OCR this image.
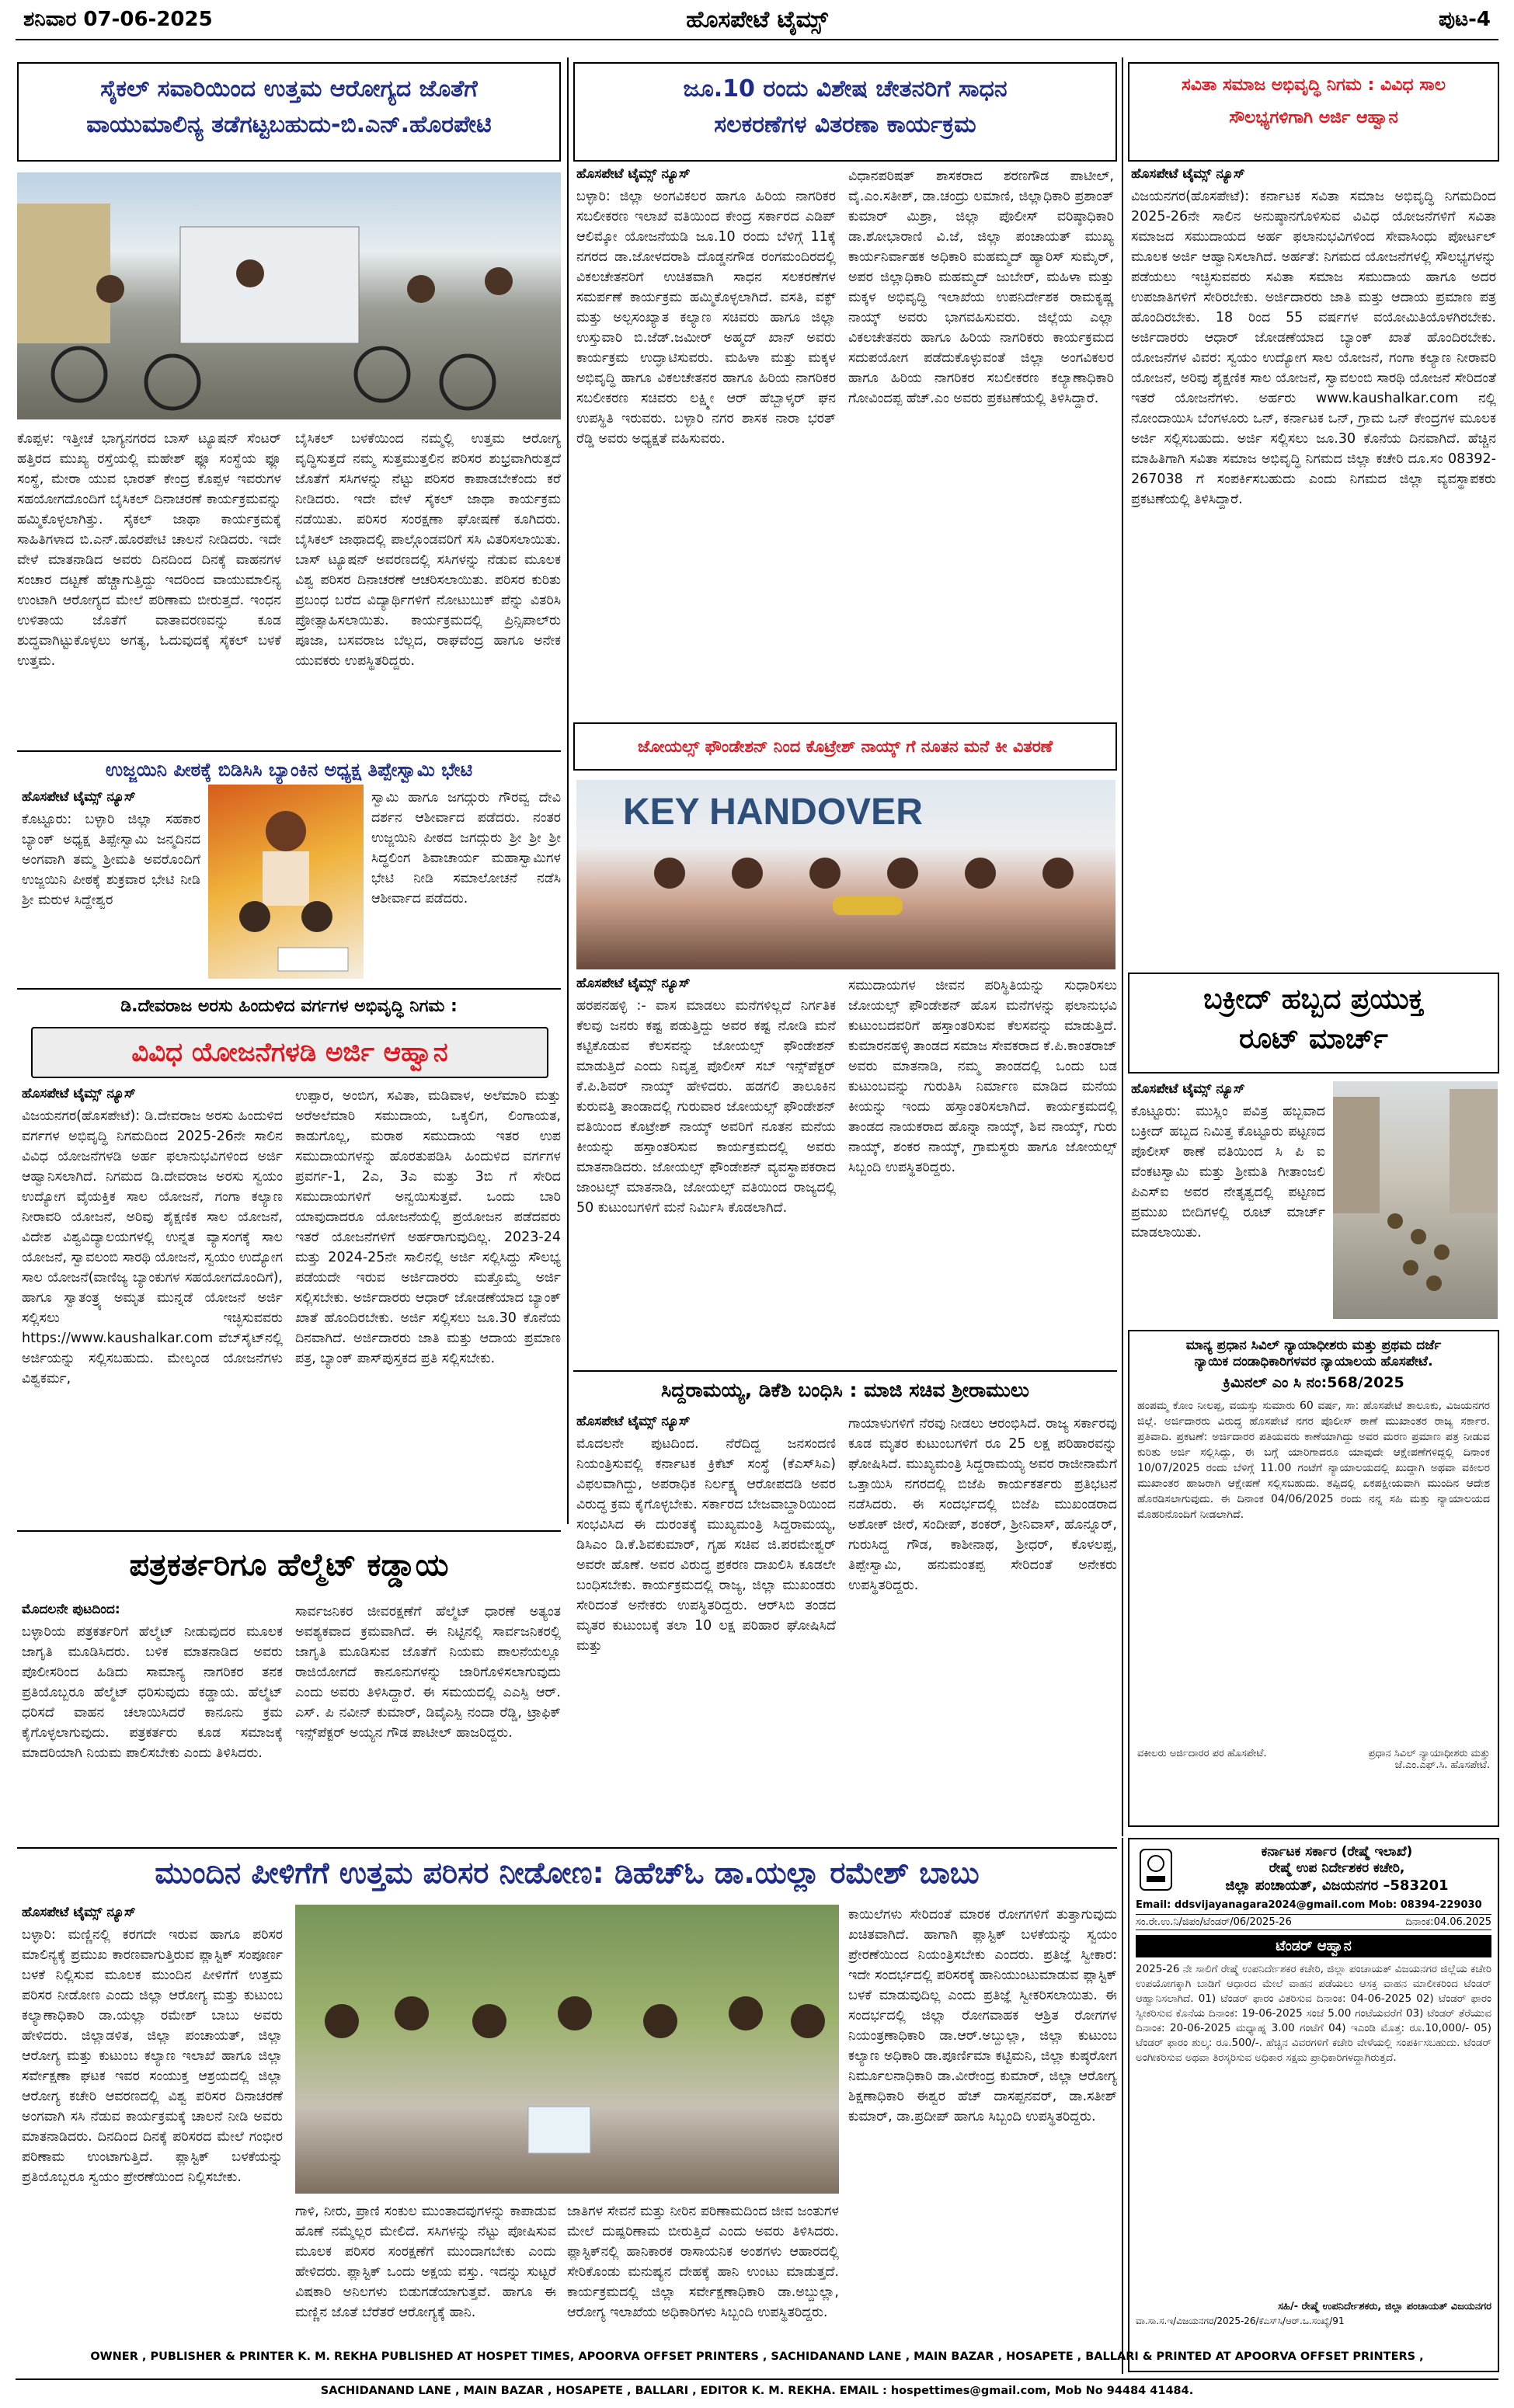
ಶನಿವಾರ 07-06-2025	ಹೊಸಪೇಟೆ ಟೈಮ್ಸ್	ಪುಟ-4
ಸೈಕಲ್ ಸವಾರಿಯಿಂದ ಉತ್ತಮ ಆರೋಗ್ಯದ ಜೊತೆಗೆ
ವಾಯುಮಾಲಿನ್ಯ ತಡೆಗಟ್ಟಬಹುದು-ಬಿ.ಎನ್.ಹೊರಪೇಟಿ
ಕೊಪ್ಪಳ: ಇತ್ತೀಚೆ ಭಾಗ್ಯನಗರದ ಬಾಸ್ ಟ್ಯೂಷನ್ ಸೆಂಟರ್ ಹತ್ತಿರದ ಮುಖ್ಯ ರಸ್ತೆಯಲ್ಲಿ ಮಹೇಶ್ ಫ್ಲೂ ಸಂಸ್ಥೆಯ ಫ್ಲೂ ಸಂಸ್ಥೆ, ಮೇರಾ ಯುವ ಭಾರತ್ ಕೇಂದ್ರ ಕೊಪ್ಪಳ ಇವರುಗಳ ಸಹಯೋಗದೊಂದಿಗೆ ಬೈಸಿಕಲ್ ದಿನಾಚರಣೆ ಕಾರ್ಯಕ್ರಮವನ್ನು ಹಮ್ಮಿಕೊಳ್ಳಲಾಗಿತ್ತು. ಸೈಕಲ್ ಜಾಥಾ ಕಾರ್ಯಕ್ರಮಕ್ಕೆ ಸಾಹಿತಿಗಳಾದ ಬಿ.ಎನ್.ಹೊರಪೇಟಿ ಚಾಲನೆ ನೀಡಿದರು. ಇದೇ ವೇಳೆ ಮಾತನಾಡಿದ ಅವರು ದಿನದಿಂದ ದಿನಕ್ಕೆ ವಾಹನಗಳ ಸಂಚಾರ ದಟ್ಟಣೆ ಹೆಚ್ಚಾಗುತ್ತಿದ್ದು ಇದರಿಂದ ವಾಯುಮಾಲಿನ್ಯ ಉಂಟಾಗಿ ಆರೋಗ್ಯದ ಮೇಲೆ ಪರಿಣಾಮ ಬೀರುತ್ತದೆ. ಇಂಧನ ಉಳಿತಾಯ ಜೊತೆಗೆ ವಾತಾವರಣವನ್ನು ಕೂಡ ಶುದ್ಧವಾಗಿಟ್ಟುಕೊಳ್ಳಲು ಅಗತ್ಯ, ಓದುವುದಕ್ಕೆ ಸೈಕಲ್ ಬಳಕೆ ಉತ್ತಮ.
ಬೈಸಿಕಲ್ ಬಳಕೆಯಿಂದ ನಮ್ಮಲ್ಲಿ ಉತ್ತಮ ಆರೋಗ್ಯ ವೃದ್ಧಿಸುತ್ತದೆ ನಮ್ಮ ಸುತ್ತಮುತ್ತಲಿನ ಪರಿಸರ ಶುಭ್ರವಾಗಿರುತ್ತದೆ ಜೊತೆಗೆ ಸಸಿಗಳನ್ನು ನೆಟ್ಟು ಪರಿಸರ ಕಾಪಾಡಬೇಕೆಂದು ಕರೆ ನೀಡಿದರು. ಇದೇ ವೇಳೆ ಸೈಕಲ್ ಜಾಥಾ ಕಾರ್ಯಕ್ರಮ ನಡೆಯಿತು. ಪರಿಸರ ಸಂರಕ್ಷಣಾ ಘೋಷಣೆ ಕೂಗಿದರು. ಬೈಸಿಕಲ್ ಜಾಥಾದಲ್ಲಿ ಪಾಲ್ಗೊಂಡವರಿಗೆ ಸಸಿ ವಿತರಿಸಲಾಯಿತು. ಬಾಸ್ ಟ್ಯೂಷನ್ ಅವರಣದಲ್ಲಿ ಸಸಿಗಳನ್ನು ನೆಡುವ ಮೂಲಕ ವಿಶ್ವ ಪರಿಸರ ದಿನಾಚರಣೆ ಆಚರಿಸಲಾಯಿತು. ಪರಿಸರ ಕುರಿತು ಪ್ರಬಂಧ ಬರೆದ ವಿದ್ಯಾರ್ಥಿಗಳಿಗೆ ನೋಟುಬುಕ್ ಪೆನ್ನು ವಿತರಿಸಿ ಪ್ರೋತ್ಸಾಹಿಸಲಾಯಿತು. ಕಾರ್ಯಕ್ರಮದಲ್ಲಿ ಪ್ರಿನ್ಸಿಪಾಲ್‌ರು ಪೂಜಾ, ಬಸವರಾಜ ಬೆಲ್ಲದ, ರಾಘವೆಂದ್ರ ಹಾಗೂ ಅನೇಕ ಯುವಕರು ಉಪಸ್ಥಿತರಿದ್ದರು.
ಜೂ.10 ರಂದು ವಿಶೇಷ ಚೇತನರಿಗೆ ಸಾಧನ
ಸಲಕರಣೆಗಳ ವಿತರಣಾ ಕಾರ್ಯಕ್ರಮ
ಹೊಸಪೇಟೆ ಟೈಮ್ಸ್ ನ್ಯೂಸ್
ಬಳ್ಳಾರಿ: ಜಿಲ್ಲಾ ಅಂಗವಿಕಲರ ಹಾಗೂ ಹಿರಿಯ ನಾಗರಿಕರ ಸಬಲೀಕರಣ ಇಲಾಖೆ ವತಿಯಿಂದ ಕೇಂದ್ರ ಸರ್ಕಾರದ ಎಡಿಪ್ ಆಲಿಮ್ಕೋ ಯೋಜನೆಯಡಿ ಜೂ.10 ರಂದು ಬೆಳಿಗ್ಗೆ 11ಕ್ಕೆ ನಗರದ ಡಾ.ಜೋಳದರಾಶಿ ದೊಡ್ಡನಗೌಡ ರಂಗಮಂದಿರದಲ್ಲಿ ವಿಕಲಚೇತನರಿಗೆ ಉಚಿತವಾಗಿ ಸಾಧನ ಸಲಕರಣೆಗಳ ಸಮರ್ಪಣೆ ಕಾರ್ಯಕ್ರಮ ಹಮ್ಮಿಕೊಳ್ಳಲಾಗಿದೆ. ವಸತಿ, ವಕ್ಫ್ ಮತ್ತು ಅಲ್ಪಸಂಖ್ಯಾತ ಕಲ್ಯಾಣ ಸಚಿವರು ಹಾಗೂ ಜಿಲ್ಲಾ ಉಸ್ತುವಾರಿ ಬಿ.ಜೆಡ್.ಜಮೀರ್ ಅಹ್ಮದ್ ಖಾನ್ ಅವರು ಕಾರ್ಯಕ್ರಮ ಉದ್ಘಾಟಿಸುವರು. ಮಹಿಳಾ ಮತ್ತು ಮಕ್ಕಳ ಅಭಿವೃದ್ಧಿ ಹಾಗೂ ವಿಕಲಚೇತನರ ಹಾಗೂ ಹಿರಿಯ ನಾಗರಿಕರ ಸಬಲೀಕರಣ ಸಚಿವರು ಲಕ್ಷ್ಮೀ ಆರ್ ಹೆಬ್ಬಾಳ್ಕರ್ ಘನ ಉಪಸ್ಥಿತಿ ಇರುವರು. ಬಳ್ಳಾರಿ ನಗರ ಶಾಸಕ ನಾರಾ ಭರತ್ ರೆಡ್ಡಿ ಅವರು ಅಧ್ಯಕ್ಷತೆ ವಹಿಸುವರು.
ವಿಧಾನಪರಿಷತ್ ಶಾಸಕರಾದ ಶರಣಗೌಡ ಪಾಟೀಲ್, ವೈ.ಎಂ.ಸತೀಶ್, ಡಾ.ಚಂದ್ರು ಲಮಾಣಿ, ಜಿಲ್ಲಾಧಿಕಾರಿ ಪ್ರಶಾಂತ್ ಕುಮಾರ್ ಮಿಶ್ರಾ, ಜಿಲ್ಲಾ ಪೊಲೀಸ್ ವರಿಷ್ಠಾಧಿಕಾರಿ ಡಾ.ಶೋಭಾರಾಣಿ ವಿ.ಜೆ, ಜಿಲ್ಲಾ ಪಂಚಾಯತ್ ಮುಖ್ಯ ಕಾರ್ಯನಿರ್ವಾಹಕ ಅಧಿಕಾರಿ ಮಹಮ್ಮದ್ ಹ್ಯಾರಿಸ್ ಸುಮೈರ್, ಅಪರ ಜಿಲ್ಲಾಧಿಕಾರಿ ಮಹಮ್ಮದ್ ಜುಬೇರ್, ಮಹಿಳಾ ಮತ್ತು ಮಕ್ಕಳ ಅಭಿವೃದ್ಧಿ ಇಲಾಖೆಯ ಉಪನಿರ್ದೇಶಕ ರಾಮಕೃಷ್ಣ ನಾಯ್ಕ್ ಅವರು ಭಾಗವಹಿಸುವರು. ಜಿಲ್ಲೆಯ ಎಲ್ಲಾ ವಿಕಲಚೇತನರು ಹಾಗೂ ಹಿರಿಯ ನಾಗರಿಕರು ಕಾರ್ಯಕ್ರಮದ ಸದುಪಯೋಗ ಪಡೆದುಕೊಳ್ಳುವಂತೆ ಜಿಲ್ಲಾ ಅಂಗವಿಕಲರ ಹಾಗೂ ಹಿರಿಯ ನಾಗರಿಕರ ಸಬಲೀಕರಣ ಕಲ್ಯಾಣಾಧಿಕಾರಿ ಗೋವಿಂದಪ್ಪ ಹೆಚ್.ಎಂ ಅವರು ಪ್ರಕಟಣೆಯಲ್ಲಿ ತಿಳಿಸಿದ್ದಾರೆ.
ಸವಿತಾ ಸಮಾಜ ಅಭಿವೃದ್ಧಿ ನಿಗಮ : ವಿವಿಧ ಸಾಲ
ಸೌಲಭ್ಯಗಳಿಗಾಗಿ ಅರ್ಜಿ ಆಹ್ವಾನ
ಹೊಸಪೇಟೆ ಟೈಮ್ಸ್ ನ್ಯೂಸ್
ವಿಜಯನಗರ(ಹೊಸಪೇಟೆ): ಕರ್ನಾಟಕ ಸವಿತಾ ಸಮಾಜ ಅಭಿವೃದ್ಧಿ ನಿಗಮದಿಂದ 2025-26ನೇ ಸಾಲಿನ ಅನುಷ್ಠಾನಗೊಳಿಸುವ ವಿವಿಧ ಯೋಜನೆಗಳಿಗೆ ಸವಿತಾ ಸಮಾಜದ ಸಮುದಾಯದ ಅರ್ಹ ಫಲಾನುಭವಿಗಳಿಂದ ಸೇವಾಸಿಂಧು ಪೋರ್ಟಲ್ ಮೂಲಕ ಅರ್ಜಿ ಆಹ್ವಾನಿಸಲಾಗಿದೆ. ಅರ್ಹತೆ: ನಿಗಮದ ಯೋಜನೆಗಳಲ್ಲಿ ಸೌಲಭ್ಯಗಳನ್ನು ಪಡೆಯಲು ಇಚ್ಛಿಸುವವರು ಸವಿತಾ ಸಮಾಜ ಸಮುದಾಯ ಹಾಗೂ ಅದರ ಉಪಜಾತಿಗಳಿಗೆ ಸೇರಿರಬೇಕು. ಅರ್ಜಿದಾರರು ಜಾತಿ ಮತ್ತು ಆದಾಯ ಪ್ರಮಾಣ ಪತ್ರ ಹೊಂದಿರಬೇಕು. 18 ರಿಂದ 55 ವರ್ಷಗಳ ವಯೋಮಿತಿಯೊಳಗಿರಬೇಕು. ಅರ್ಜಿದಾರರು ಆಧಾರ್ ಜೋಡಣೆಯಾದ ಬ್ಯಾಂಕ್ ಖಾತೆ ಹೊಂದಿರಬೇಕು. ಯೋಜನೆಗಳ ವಿವರ: ಸ್ವಯಂ ಉದ್ಯೋಗ ಸಾಲ ಯೋಜನೆ, ಗಂಗಾ ಕಲ್ಯಾಣ ನೀರಾವರಿ ಯೋಜನೆ, ಅರಿವು ಶೈಕ್ಷಣಿಕ ಸಾಲ ಯೋಜನೆ, ಸ್ವಾವಲಂಬಿ ಸಾರಥಿ ಯೋಜನೆ ಸೇರಿದಂತೆ ಇತರೆ ಯೋಜನೆಗಳು. ಅರ್ಹರು www.kaushalkar.com ನಲ್ಲಿ ನೋಂದಾಯಿಸಿ ಬೆಂಗಳೂರು ಒನ್, ಕರ್ನಾಟಕ ಒನ್, ಗ್ರಾಮ ಒನ್ ಕೇಂದ್ರಗಳ ಮೂಲಕ ಅರ್ಜಿ ಸಲ್ಲಿಸಬಹುದು. ಅರ್ಜಿ ಸಲ್ಲಿಸಲು ಜೂ.30 ಕೊನೆಯ ದಿನವಾಗಿದೆ. ಹೆಚ್ಚಿನ ಮಾಹಿತಿಗಾಗಿ ಸವಿತಾ ಸಮಾಜ ಅಭಿವೃದ್ಧಿ ನಿಗಮದ ಜಿಲ್ಲಾ ಕಚೇರಿ ದೂ.ಸಂ 08392-267038 ಗೆ ಸಂಪರ್ಕಿಸಬಹುದು ಎಂದು ನಿಗಮದ ಜಿಲ್ಲಾ ವ್ಯವಸ್ಥಾಪಕರು ಪ್ರಕಟಣೆಯಲ್ಲಿ ತಿಳಿಸಿದ್ದಾರೆ.
ಉಜ್ಜಯಿನಿ ಪೀಠಕ್ಕೆ ಬಿಡಿಸಿಸಿ ಬ್ಯಾಂಕಿನ ಅಧ್ಯಕ್ಷ ತಿಪ್ಪೇಸ್ವಾಮಿ ಭೇಟಿ
ಹೊಸಪೇಟೆ ಟೈಮ್ಸ್ ನ್ಯೂಸ್
ಕೊಟ್ಟೂರು: ಬಳ್ಳಾರಿ ಜಿಲ್ಲಾ ಸಹಕಾರ ಬ್ಯಾಂಕ್ ಅಧ್ಯಕ್ಷ ತಿಪ್ಪೇಸ್ವಾಮಿ ಜನ್ಮದಿನದ ಅಂಗವಾಗಿ ತಮ್ಮ ಶ್ರೀಮತಿ ಅವರೊಂದಿಗೆ ಉಜ್ಜಯಿನಿ ಪೀಠಕ್ಕೆ ಶುಕ್ರವಾರ ಭೇಟಿ ನೀಡಿ ಶ್ರೀ ಮರುಳ ಸಿದ್ದೇಶ್ವರ
ಸ್ವಾಮಿ ಹಾಗೂ ಜಗದ್ಗುರು ಗೌರವ್ವ ದೇವಿ ದರ್ಶನ ಆಶೀರ್ವಾದ ಪಡೆದರು. ನಂತರ ಉಜ್ಜಯಿನಿ ಪೀಠದ ಜಗದ್ಗುರು ಶ್ರೀ ಶ್ರೀ ಶ್ರೀ ಸಿದ್ಧಲಿಂಗ ಶಿವಾಚಾರ್ಯ ಮಹಾಸ್ವಾಮಿಗಳ ಭೇಟಿ ನೀಡಿ ಸಮಾಲೋಚನೆ ನಡೆಸಿ ಆಶೀರ್ವಾದ ಪಡೆದರು.
ಡಿ.ದೇವರಾಜ ಅರಸು ಹಿಂದುಳಿದ ವರ್ಗಗಳ ಅಭಿವೃದ್ಧಿ ನಿಗಮ :
ವಿವಿಧ ಯೋಜನೆಗಳಡಿ ಅರ್ಜಿ ಆಹ್ವಾನ
ಹೊಸಪೇಟೆ ಟೈಮ್ಸ್ ನ್ಯೂಸ್
ವಿಜಯನಗರ(ಹೊಸಪೇಟೆ): ಡಿ.ದೇವರಾಜ ಅರಸು ಹಿಂದುಳಿದ ವರ್ಗಗಳ ಅಭಿವೃದ್ಧಿ ನಿಗಮದಿಂದ 2025-26ನೇ ಸಾಲಿನ ವಿವಿಧ ಯೋಜನೆಗಳಡಿ ಅರ್ಹ ಫಲಾನುಭವಿಗಳಿಂದ ಅರ್ಜಿ ಆಹ್ವಾನಿಸಲಾಗಿದೆ. ನಿಗಮದ ಡಿ.ದೇವರಾಜ ಅರಸು ಸ್ವಯಂ ಉದ್ಯೋಗ ವೈಯಕ್ತಿಕ ಸಾಲ ಯೋಜನೆ, ಗಂಗಾ ಕಲ್ಯಾಣ ನೀರಾವರಿ ಯೋಜನೆ, ಅರಿವು ಶೈಕ್ಷಣಿಕ ಸಾಲ ಯೋಜನೆ, ವಿದೇಶ ವಿಶ್ವವಿದ್ಯಾಲಯಗಳಲ್ಲಿ ಉನ್ನತ ವ್ಯಾಸಂಗಕ್ಕೆ ಸಾಲ ಯೋಜನೆ, ಸ್ವಾವಲಂಬಿ ಸಾರಥಿ ಯೋಜನೆ, ಸ್ವಯಂ ಉದ್ಯೋಗ ಸಾಲ ಯೋಜನೆ(ವಾಣಿಜ್ಯ ಬ್ಯಾಂಕುಗಳ ಸಹಯೋಗದೊಂದಿಗೆ), ಹಾಗೂ ಸ್ವಾತಂತ್ರ್ಯ ಅಮೃತ ಮುನ್ನಡೆ ಯೋಜನೆ ಅರ್ಜಿ ಸಲ್ಲಿಸಲು ಇಚ್ಛಿಸುವವರು https://www.kaushalkar.com ವೆಬ್‌ಸೈಟ್‌ನಲ್ಲಿ ಅರ್ಜಿಯನ್ನು ಸಲ್ಲಿಸಬಹುದು. ಮೇಲ್ಕಂಡ ಯೋಜನೆಗಳು ವಿಶ್ವಕರ್ಮ,
ಉಪ್ಪಾರ, ಅಂಬಿಗ, ಸವಿತಾ, ಮಡಿವಾಳ, ಅಲೆಮಾರಿ ಮತ್ತು ಅರೆಅಲೆಮಾರಿ ಸಮುದಾಯ, ಒಕ್ಕಲಿಗ, ಲಿಂಗಾಯತ, ಕಾಡುಗೊಲ್ಲ, ಮರಾಠ ಸಮುದಾಯ ಇತರ ಉಪ ಸಮುದಾಯಗಳನ್ನು ಹೊರತುಪಡಿಸಿ ಹಿಂದುಳಿದ ವರ್ಗಗಳ ಪ್ರವರ್ಗ-1, 2ಎ, 3ಎ ಮತ್ತು 3ಬಿ ಗೆ ಸೇರಿದ ಸಮುದಾಯಗಳಿಗೆ ಅನ್ವಯಿಸುತ್ತವೆ. ಒಂದು ಬಾರಿ ಯಾವುದಾದರೂ ಯೋಜನೆಯಲ್ಲಿ ಪ್ರಯೋಜನ ಪಡೆದವರು ಇತರೆ ಯೋಜನೆಗಳಿಗೆ ಅರ್ಹರಾಗುವುದಿಲ್ಲ. 2023-24 ಮತ್ತು 2024-25ನೇ ಸಾಲಿನಲ್ಲಿ ಅರ್ಜಿ ಸಲ್ಲಿಸಿದ್ದು ಸೌಲಭ್ಯ ಪಡೆಯದೇ ಇರುವ ಅರ್ಜಿದಾರರು ಮತ್ತೊಮ್ಮೆ ಅರ್ಜಿ ಸಲ್ಲಿಸಬೇಕು. ಅರ್ಜಿದಾರರು ಆಧಾರ್ ಜೋಡಣೆಯಾದ ಬ್ಯಾಂಕ್ ಖಾತೆ ಹೊಂದಿರಬೇಕು. ಅರ್ಜಿ ಸಲ್ಲಿಸಲು ಜೂ.30 ಕೊನೆಯ ದಿನವಾಗಿದೆ. ಅರ್ಜಿದಾರರು ಜಾತಿ ಮತ್ತು ಆದಾಯ ಪ್ರಮಾಣ ಪತ್ರ, ಬ್ಯಾಂಕ್ ಪಾಸ್‌ಪುಸ್ತಕದ ಪ್ರತಿ ಸಲ್ಲಿಸಬೇಕು.
ಜೋಯಲ್ಸ್ ಫೌಂಡೇಶನ್ ನಿಂದ ಕೊಟ್ರೇಶ್ ನಾಯ್ಕ್ ಗೆ ನೂತನ ಮನೆ ಕೀ ವಿತರಣೆ
KEY HANDOVER
ಹೊಸಪೇಟೆ ಟೈಮ್ಸ್ ನ್ಯೂಸ್
ಹರಪನಹಳ್ಳಿ :- ವಾಸ ಮಾಡಲು ಮನೆಗಳಿಲ್ಲದೆ ನಿರ್ಗತಿಕ ಕೆಲವು ಜನರು ಕಷ್ಟ ಪಡುತ್ತಿದ್ದು ಅವರ ಕಷ್ಟ ನೋಡಿ ಮನೆ ಕಟ್ಟಿಕೊಡುವ ಕೆಲಸವನ್ನು ಜೋಯಲ್ಸ್ ಫೌಂಡೇಶನ್ ಮಾಡುತ್ತಿದೆ ಎಂದು ನಿವೃತ್ತ ಪೊಲೀಸ್ ಸಬ್ ಇನ್ಸ್‌ಪೆಕ್ಟರ್ ಕೆ.ಪಿ.ಶಿವರ್ ನಾಯ್ಕ್ ಹೇಳಿದರು. ಹಡಗಲಿ ತಾಲೂಕಿನ ಕುರುವತ್ತಿ ತಾಂಡಾದಲ್ಲಿ ಗುರುವಾರ ಜೋಯಲ್ಸ್ ಫೌಂಡೇಶನ್ ವತಿಯಿಂದ ಕೊಟ್ರೇಶ್ ನಾಯ್ಕ್ ಅವರಿಗೆ ನೂತನ ಮನೆಯ ಕೀಯನ್ನು ಹಸ್ತಾಂತರಿಸುವ ಕಾರ್ಯಕ್ರಮದಲ್ಲಿ ಅವರು ಮಾತನಾಡಿದರು. ಜೋಯಲ್ಸ್ ಫೌಂಡೇಶನ್ ವ್ಯವಸ್ಥಾಪಕರಾದ ಜಾಂಟಲ್ಸ್ ಮಾತನಾಡಿ, ಜೋಯಲ್ಸ್ ವತಿಯಿಂದ ರಾಜ್ಯದಲ್ಲಿ 50 ಕುಟುಂಬಗಳಿಗೆ ಮನೆ ನಿರ್ಮಿಸಿ ಕೊಡಲಾಗಿದೆ.
ಸಮುದಾಯಗಳ ಜೀವನ ಪರಿಸ್ಥಿತಿಯನ್ನು ಸುಧಾರಿಸಲು ಜೋಯಲ್ಸ್ ಫೌಂಡೇಶನ್ ಹೊಸ ಮನೆಗಳನ್ನು ಫಲಾನುಭವಿ ಕುಟುಂಬದವರಿಗೆ ಹಸ್ತಾಂತರಿಸುವ ಕೆಲಸವನ್ನು ಮಾಡುತ್ತಿದೆ. ಕುಮಾರನಹಳ್ಳಿ ತಾಂಡದ ಸಮಾಜ ಸೇವಕರಾದ ಕೆ.ಪಿ.ಕಾಂತರಾಜ್ ಅವರು ಮಾತನಾಡಿ, ನಮ್ಮ ತಾಂಡದಲ್ಲಿ ಒಂದು ಬಡ ಕುಟುಂಬವನ್ನು ಗುರುತಿಸಿ ನಿರ್ಮಾಣ ಮಾಡಿದ ಮನೆಯ ಕೀಯನ್ನು ಇಂದು ಹಸ್ತಾಂತರಿಸಲಾಗಿದೆ. ಕಾರ್ಯಕ್ರಮದಲ್ಲಿ ತಾಂಡದ ನಾಯಕರಾದ ಹೊನ್ನಾ ನಾಯ್ಕ್, ಶಿವ ನಾಯ್ಕ್, ಗುರು ನಾಯ್ಕ್, ಶಂಕರ ನಾಯ್ಕ್, ಗ್ರಾಮಸ್ಥರು ಹಾಗೂ ಜೋಯಲ್ಸ್ ಸಿಬ್ಬಂದಿ ಉಪಸ್ಥಿತರಿದ್ದರು.
ಬಕ್ರೀದ್ ಹಬ್ಬದ ಪ್ರಯುಕ್ತ
ರೂಟ್ ಮಾರ್ಚ್
ಹೊಸಪೇಟೆ ಟೈಮ್ಸ್ ನ್ಯೂಸ್
ಕೊಟ್ಟೂರು: ಮುಸ್ಲಿಂ ಪವಿತ್ರ ಹಬ್ಬವಾದ ಬಕ್ರೀದ್ ಹಬ್ಬದ ನಿಮಿತ್ತ ಕೊಟ್ಟೂರು ಪಟ್ಟಣದ ಪೊಲೀಸ್ ಠಾಣೆ ವತಿಯಿಂದ ಸಿ ಪಿ ಐ ವೆಂಕಟಸ್ವಾಮಿ ಮತ್ತು ಶ್ರೀಮತಿ ಗೀತಾಂಜಲಿ ಪಿಎಸ್‌ಐ ಅವರ ನೇತೃತ್ವದಲ್ಲಿ ಪಟ್ಟಣದ ಪ್ರಮುಖ ಬೀದಿಗಳಲ್ಲಿ ರೂಟ್ ಮಾರ್ಚ್ ಮಾಡಲಾಯಿತು.
ಮಾನ್ಯ ಪ್ರಧಾನ ಸಿವಿಲ್ ನ್ಯಾಯಾಧೀಶರು ಮತ್ತು ಪ್ರಥಮ ದರ್ಜೆ
ನ್ಯಾಯಿಕ ದಂಡಾಧಿಕಾರಿಗಳವರ ನ್ಯಾಯಾಲಯ ಹೊಸಪೇಟೆ.
ಕ್ರಿಮಿನಲ್ ಎಂ ಸಿ ನಂ:568/2025
ಹಂಪಮ್ಮ ಕೋಂ ನೀಲಪ್ಪ, ವಯಸ್ಸು ಸುಮಾರು 60 ವರ್ಷ, ಸಾ: ಹೊಸಪೇಟೆ ತಾಲೂಕು, ವಿಜಯನಗರ ಜಿಲ್ಲೆ. ಅರ್ಜಿದಾರರು ವಿರುದ್ಧ ಹೊಸಪೇಟೆ ನಗರ ಪೊಲೀಸ್ ಠಾಣೆ ಮುಖಾಂತರ ರಾಜ್ಯ ಸರ್ಕಾರ. ಪ್ರತಿವಾದಿ. ಪ್ರಕಟಣೆ: ಅರ್ಜಿದಾರರ ಪತಿಯವರು ಕಾಣೆಯಾಗಿದ್ದು ಅವರ ಮರಣ ಪ್ರಮಾಣ ಪತ್ರ ನೀಡುವ ಕುರಿತು ಅರ್ಜಿ ಸಲ್ಲಿಸಿದ್ದು, ಈ ಬಗ್ಗೆ ಯಾರಿಗಾದರೂ ಯಾವುದೇ ಆಕ್ಷೇಪಣೆಗಳಿದ್ದಲ್ಲಿ ದಿನಾಂಕ 10/07/2025 ರಂದು ಬೆಳಿಗ್ಗೆ 11.00 ಗಂಟೆಗೆ ನ್ಯಾಯಾಲಯದಲ್ಲಿ ಖುದ್ದಾಗಿ ಅಥವಾ ವಕೀಲರ ಮುಖಾಂತರ ಹಾಜರಾಗಿ ಆಕ್ಷೇಪಣೆ ಸಲ್ಲಿಸಬಹುದು. ತಪ್ಪಿದಲ್ಲಿ ಏಕಪಕ್ಷೀಯವಾಗಿ ಮುಂದಿನ ಆದೇಶ ಹೊರಡಿಸಲಾಗುವುದು. ಈ ದಿನಾಂಕ 04/06/2025 ರಂದು ನನ್ನ ಸಹಿ ಮತ್ತು ನ್ಯಾಯಾಲಯದ ಮೊಹರಿನೊಂದಿಗೆ ನೀಡಲಾಗಿದೆ.
ವಕೀಲರು ಅರ್ಜಿದಾರರ ಪರ ಹೊಸಪೇಟೆ.	ಪ್ರಧಾನ ಸಿವಿಲ್ ನ್ಯಾಯಾಧೀಶರು ಮತ್ತು ಜೆ.ಎಂ.ಎಫ್.ಸಿ. ಹೊಸಪೇಟೆ.
ಸಿದ್ದರಾಮಯ್ಯ, ಡಿಕೆಶಿ ಬಂಧಿಸಿ : ಮಾಜಿ ಸಚಿವ ಶ್ರೀರಾಮುಲು
ಹೊಸಪೇಟೆ ಟೈಮ್ಸ್ ನ್ಯೂಸ್
ಮೊದಲನೇ ಪುಟದಿಂದ. ನೆರೆದಿದ್ದ ಜನಸಂದಣಿ ನಿಯಂತ್ರಿಸುವಲ್ಲಿ ಕರ್ನಾಟಕ ಕ್ರಿಕೆಟ್ ಸಂಸ್ಥೆ (ಕೆಎಸ್‌ಸಿಎ) ವಿಫಲವಾಗಿದ್ದು, ಅಪರಾಧಿಕ ನಿರ್ಲಕ್ಷ್ಯ ಆರೋಪದಡಿ ಅವರ ವಿರುದ್ಧ ಕ್ರಮ ಕೈಗೊಳ್ಳಬೇಕು. ಸರ್ಕಾರದ ಬೇಜವಾಬ್ದಾರಿಯಿಂದ ಸಂಭವಿಸಿದ ಈ ದುರಂತಕ್ಕೆ ಮುಖ್ಯಮಂತ್ರಿ ಸಿದ್ದರಾಮಯ್ಯ, ಡಿಸಿಎಂ ಡಿ.ಕೆ.ಶಿವಕುಮಾರ್, ಗೃಹ ಸಚಿವ ಜಿ.ಪರಮೇಶ್ವರ್ ಅವರೇ ಹೊಣೆ. ಅವರ ವಿರುದ್ಧ ಪ್ರಕರಣ ದಾಖಲಿಸಿ ಕೂಡಲೇ ಬಂಧಿಸಬೇಕು. ಕಾರ್ಯಕ್ರಮದಲ್ಲಿ ರಾಜ್ಯ, ಜಿಲ್ಲಾ ಮುಖಂಡರು ಸೇರಿದಂತೆ ಅನೇಕರು ಉಪಸ್ಥಿತರಿದ್ದರು. ಆರ್‌ಸಿಬಿ ತಂಡದ ಮೃತರ ಕುಟುಂಬಕ್ಕೆ ತಲಾ 10 ಲಕ್ಷ ಪರಿಹಾರ ಘೋಷಿಸಿದೆ ಮತ್ತು
ಗಾಯಾಳುಗಳಿಗೆ ನೆರವು ನೀಡಲು ಆರಂಭಿಸಿದೆ. ರಾಜ್ಯ ಸರ್ಕಾರವು ಕೂಡ ಮೃತರ ಕುಟುಂಬಗಳಿಗೆ ರೂ 25 ಲಕ್ಷ ಪರಿಹಾರವನ್ನು ಘೋಷಿಸಿದೆ. ಮುಖ್ಯಮಂತ್ರಿ ಸಿದ್ದರಾಮಯ್ಯ ಅವರ ರಾಜೀನಾಮೆಗೆ ಒತ್ತಾಯಿಸಿ ನಗರದಲ್ಲಿ ಬಿಜೆಪಿ ಕಾರ್ಯಕರ್ತರು ಪ್ರತಿಭಟನೆ ನಡೆಸಿದರು. ಈ ಸಂದರ್ಭದಲ್ಲಿ ಬಿಜೆಪಿ ಮುಖಂಡರಾದ ಅಶೋಕ್ ಜೀರೆ, ಸಂದೀಪ್, ಶಂಕರ್, ಶ್ರೀನಿವಾಸ್, ಹೊನ್ನೂರ್, ಗುರುಸಿದ್ದ ಗೌಡ, ಕಾಶೀನಾಥ, ಶ್ರೀಧರ್, ಕೊಳಲಪ್ಪ, ತಿಪ್ಪೇಸ್ವಾಮಿ, ಹನುಮಂತಪ್ಪ ಸೇರಿದಂತೆ ಅನೇಕರು ಉಪಸ್ಥಿತರಿದ್ದರು.
ಪತ್ರಕರ್ತರಿಗೂ ಹೆಲ್ಮೆಟ್ ಕಡ್ಡಾಯ
ಮೊದಲನೇ ಪುಟದಿಂದ:
ಬಳ್ಳಾರಿಯ ಪತ್ರಕರ್ತರಿಗೆ ಹೆಲ್ಮೆಟ್ ನೀಡುವುದರ ಮೂಲಕ ಜಾಗೃತಿ ಮೂಡಿಸಿದರು. ಬಳಿಕ ಮಾತನಾಡಿದ ಅವರು ಪೊಲೀಸರಿಂದ ಹಿಡಿದು ಸಾಮಾನ್ಯ ನಾಗರಿಕರ ತನಕ ಪ್ರತಿಯೊಬ್ಬರೂ ಹೆಲ್ಮೆಟ್ ಧರಿಸುವುದು ಕಡ್ಡಾಯ. ಹೆಲ್ಮೆಟ್ ಧರಿಸದೆ ವಾಹನ ಚಲಾಯಿಸಿದರೆ ಕಾನೂನು ಕ್ರಮ ಕೈಗೊಳ್ಳಲಾಗುವುದು. ಪತ್ರಕರ್ತರು ಕೂಡ ಸಮಾಜಕ್ಕೆ ಮಾದರಿಯಾಗಿ ನಿಯಮ ಪಾಲಿಸಬೇಕು ಎಂದು ತಿಳಿಸಿದರು.
ಸಾರ್ವಜನಿಕರ ಜೀವರಕ್ಷಣೆಗೆ ಹೆಲ್ಮೆಟ್ ಧಾರಣೆ ಅತ್ಯಂತ ಅವಶ್ಯಕವಾದ ಕ್ರಮವಾಗಿದೆ. ಈ ನಿಟ್ಟಿನಲ್ಲಿ ಸಾರ್ವಜನಿಕರಲ್ಲಿ ಜಾಗೃತಿ ಮೂಡಿಸುವ ಜೊತೆಗೆ ನಿಯಮ ಪಾಲನೆಯಲ್ಲೂ ರಾಜಿಯೋಗದೆ ಕಾನೂನುಗಳನ್ನು ಜಾರಿಗೊಳಿಸಲಾಗುವುದು ಎಂದು ಅವರು ತಿಳಿಸಿದ್ದಾರೆ. ಈ ಸಮಯದಲ್ಲಿ ಎಎಸ್ಪಿ ಆರ್. ಎಸ್. ಪಿ ನವೀನ್ ಕುಮಾರ್, ಡಿವೈಎಸ್ಪಿ ನಂದಾ ರೆಡ್ಡಿ, ಟ್ರಾಫಿಕ್ ಇನ್ಸ್‌ಪೆಕ್ಟರ್ ಅಯ್ಯನ ಗೌಡ ಪಾಟೀಲ್ ಹಾಜರಿದ್ದರು.
ಮುಂದಿನ ಪೀಳಿಗೆಗೆ ಉತ್ತಮ ಪರಿಸರ ನೀಡೋಣ: ಡಿಹೆಚ್‌ಓ ಡಾ.ಯಲ್ಲಾ ರಮೇಶ್ ಬಾಬು
ಹೊಸಪೇಟೆ ಟೈಮ್ಸ್ ನ್ಯೂಸ್
ಬಳ್ಳಾರಿ: ಮಣ್ಣಿನಲ್ಲಿ ಕರಗದೇ ಇರುವ ಹಾಗೂ ಪರಿಸರ ಮಾಲಿನ್ಯಕ್ಕೆ ಪ್ರಮುಖ ಕಾರಣವಾಗುತ್ತಿರುವ ಪ್ಲಾಸ್ಟಿಕ್ ಸಂಪೂರ್ಣ ಬಳಕೆ ನಿಲ್ಲಿಸುವ ಮೂಲಕ ಮುಂದಿನ ಪೀಳಿಗೆಗೆ ಉತ್ತಮ ಪರಿಸರ ನೀಡೋಣ ಎಂದು ಜಿಲ್ಲಾ ಆರೋಗ್ಯ ಮತ್ತು ಕುಟುಂಬ ಕಲ್ಯಾಣಾಧಿಕಾರಿ ಡಾ.ಯಲ್ಲಾ ರಮೇಶ್ ಬಾಬು ಅವರು ಹೇಳಿದರು. ಜಿಲ್ಲಾಡಳಿತ, ಜಿಲ್ಲಾ ಪಂಚಾಯತ್, ಜಿಲ್ಲಾ ಆರೋಗ್ಯ ಮತ್ತು ಕುಟುಂಬ ಕಲ್ಯಾಣ ಇಲಾಖೆ ಹಾಗೂ ಜಿಲ್ಲಾ ಸರ್ವೇಕ್ಷಣಾ ಘಟಕ ಇವರ ಸಂಯುಕ್ತ ಆಶ್ರಯದಲ್ಲಿ ಜಿಲ್ಲಾ ಆರೋಗ್ಯ ಕಚೇರಿ ಆವರಣದಲ್ಲಿ ವಿಶ್ವ ಪರಿಸರ ದಿನಾಚರಣೆ ಅಂಗವಾಗಿ ಸಸಿ ನೆಡುವ ಕಾರ್ಯಕ್ರಮಕ್ಕೆ ಚಾಲನೆ ನೀಡಿ ಅವರು ಮಾತನಾಡಿದರು. ದಿನದಿಂದ ದಿನಕ್ಕೆ ಪರಿಸರದ ಮೇಲೆ ಗಂಭೀರ ಪರಿಣಾಮ ಉಂಟಾಗುತ್ತಿದೆ. ಪ್ಲಾಸ್ಟಿಕ್ ಬಳಕೆಯನ್ನು ಪ್ರತಿಯೊಬ್ಬರೂ ಸ್ವಯಂ ಪ್ರೇರಣೆಯಿಂದ ನಿಲ್ಲಿಸಬೇಕು.
ಗಾಳಿ, ನೀರು, ಪ್ರಾಣಿ ಸಂಕುಲ ಮುಂತಾದವುಗಳನ್ನು ಕಾಪಾಡುವ ಹೊಣೆ ನಮ್ಮೆಲ್ಲರ ಮೇಲಿದೆ. ಸಸಿಗಳನ್ನು ನೆಟ್ಟು ಪೋಷಿಸುವ ಮೂಲಕ ಪರಿಸರ ಸಂರಕ್ಷಣೆಗೆ ಮುಂದಾಗಬೇಕು ಎಂದು ಹೇಳಿದರು. ಪ್ಲಾಸ್ಟಿಕ್ ಒಂದು ಅಕ್ಷಯ ವಸ್ತು. ಇದನ್ನು ಸುಟ್ಟರೆ ವಿಷಕಾರಿ ಅನಿಲಗಳು ಬಿಡುಗಡೆಯಾಗುತ್ತವೆ. ಹಾಗೂ ಈ ಮಣ್ಣಿನ ಜೊತೆ ಬೆರೆತರೆ ಆರೋಗ್ಯಕ್ಕೆ ಹಾನಿ.
ಜಾತಿಗಳ ಸೇವನೆ ಮತ್ತು ನೀರಿನ ಪರಿಣಾಮದಿಂದ ಜೀವ ಜಂತುಗಳ ಮೇಲೆ ದುಷ್ಪರಿಣಾಮ ಬೀರುತ್ತಿದೆ ಎಂದು ಅವರು ತಿಳಿಸಿದರು. ಪ್ಲಾಸ್ಟಿಕ್‌ನಲ್ಲಿ ಹಾನಿಕಾರಕ ರಾಸಾಯನಿಕ ಅಂಶಗಳು ಆಹಾರದಲ್ಲಿ ಸೇರಿಕೊಂಡು ಮನುಷ್ಯನ ದೇಹಕ್ಕೆ ಹಾನಿ ಉಂಟು ಮಾಡುತ್ತದೆ. ಕಾರ್ಯಕ್ರಮದಲ್ಲಿ ಜಿಲ್ಲಾ ಸರ್ವೇಕ್ಷಣಾಧಿಕಾರಿ ಡಾ.ಅಬ್ದುಲ್ಲಾ, ಆರೋಗ್ಯ ಇಲಾಖೆಯ ಅಧಿಕಾರಿಗಳು ಸಿಬ್ಬಂದಿ ಉಪಸ್ಥಿತರಿದ್ದರು.
ಕಾಯಿಲೆಗಳು ಸೇರಿದಂತೆ ಮಾರಕ ರೋಗಗಳಿಗೆ ತುತ್ತಾಗುವುದು ಖಚಿತವಾಗಿದೆ. ಹಾಗಾಗಿ ಪ್ಲಾಸ್ಟಿಕ್ ಬಳಕೆಯನ್ನು ಸ್ವಯಂ ಪ್ರೇರಣೆಯಿಂದ ನಿಯಂತ್ರಿಸಬೇಕು ಎಂದರು. ಪ್ರತಿಜ್ಞೆ ಸ್ವೀಕಾರ: ಇದೇ ಸಂದರ್ಭದಲ್ಲಿ ಪರಿಸರಕ್ಕೆ ಹಾನಿಯುಂಟುಮಾಡುವ ಪ್ಲಾಸ್ಟಿಕ್ ಬಳಕೆ ಮಾಡುವುದಿಲ್ಲ ಎಂದು ಪ್ರತಿಜ್ಞೆ ಸ್ವೀಕರಿಸಲಾಯಿತು. ಈ ಸಂದರ್ಭದಲ್ಲಿ ಜಿಲ್ಲಾ ರೋಗವಾಹಕ ಆಶ್ರಿತ ರೋಗಗಳ ನಿಯಂತ್ರಣಾಧಿಕಾರಿ ಡಾ.ಆರ್.ಅಬ್ದುಲ್ಲಾ, ಜಿಲ್ಲಾ ಕುಟುಂಬ ಕಲ್ಯಾಣ ಅಧಿಕಾರಿ ಡಾ.ಪೂರ್ಣಿಮಾ ಕಟ್ಟಿಮನಿ, ಜಿಲ್ಲಾ ಕುಷ್ಠರೋಗ ನಿರ್ಮೂಲನಾಧಿಕಾರಿ ಡಾ.ವೀರೇಂದ್ರ ಕುಮಾರ್, ಜಿಲ್ಲಾ ಆರೋಗ್ಯ ಶಿಕ್ಷಣಾಧಿಕಾರಿ ಈಶ್ವರ ಹೆಚ್ ದಾಸಪ್ಪನವರ್, ಡಾ.ಸತೀಶ್ ಕುಮಾರ್, ಡಾ.ಪ್ರದೀಪ್ ಹಾಗೂ ಸಿಬ್ಬಂದಿ ಉಪಸ್ಥಿತರಿದ್ದರು.
ಕರ್ನಾಟಕ ಸರ್ಕಾರ (ರೇಷ್ಮೆ ಇಲಾಖೆ)
ರೇಷ್ಮೆ ಉಪ ನಿರ್ದೇಶಕರ ಕಚೇರಿ,
ಜಿಲ್ಲಾ ಪಂಚಾಯತ್, ವಿಜಯನಗರ –583201
Email: ddsvijayanagara2024@gmail.com Mob: 08394-229030
ಸಂ.ರೇ.ಉ.ನಿ/ಜಿಪಂ/ಟೆಂಡರ್/06/2025-26	ದಿನಾಂಕ:04.06.2025
ಟೆಂಡರ್ ಆಹ್ವಾನ
2025-26 ನೇ ಸಾಲಿಗೆ ರೇಷ್ಮೆ ಉಪನಿರ್ದೇಶಕರ ಕಚೇರಿ, ಜಿಲ್ಲಾ ಪಂಚಾಯತ್ ವಿಜಯನಗರ ಜಿಲ್ಲೆಯ ಕಚೇರಿ ಉಪಯೋಗಕ್ಕಾಗಿ ಬಾಡಿಗೆ ಆಧಾರದ ಮೇಲೆ ವಾಹನ ಪಡೆಯಲು ಆಸಕ್ತ ವಾಹನ ಮಾಲೀಕರಿಂದ ಟೆಂಡರ್ ಆಹ್ವಾನಿಸಲಾಗಿದೆ. 01) ಟೆಂಡರ್ ಫಾರಂ ವಿತರಿಸುವ ದಿನಾಂಕ: 04-06-2025 02) ಟೆಂಡರ್ ಫಾರಂ ಸ್ವೀಕರಿಸುವ ಕೊನೆಯ ದಿನಾಂಕ: 19-06-2025 ಸಂಜೆ 5.00 ಗಂಟೆಯವರೆಗೆ 03) ಟೆಂಡರ್ ತೆರೆಯುವ ದಿನಾಂಕ: 20-06-2025 ಮಧ್ಯಾಹ್ನ 3.00 ಗಂಟೆಗೆ 04) ಇಎಂಡಿ ಮೊತ್ತ: ರೂ.10,000/- 05) ಟೆಂಡರ್ ಫಾರಂ ಶುಲ್ಕ: ರೂ.500/-. ಹೆಚ್ಚಿನ ವಿವರಗಳಿಗೆ ಕಚೇರಿ ವೇಳೆಯಲ್ಲಿ ಸಂಪರ್ಕಿಸಬಹುದು. ಟೆಂಡರ್ ಅಂಗೀಕರಿಸುವ ಅಥವಾ ತಿರಸ್ಕರಿಸುವ ಅಧಿಕಾರ ಸಕ್ಷಮ ಪ್ರಾಧಿಕಾರಿಗಳದ್ದಾಗಿರುತ್ತದೆ.
ಸಹಿ/- ರೇಷ್ಮೆ ಉಪನಿರ್ದೇಶಕರು, ಜಿಲ್ಲಾ ಪಂಚಾಯತ್ ವಿಜಯನಗರ
ವಾ.ಸಾ.ಸ.ಇ/ವಿಜಯನಗರ/2025-26/ಕೆಎಸ್‌ಸಿ/ಆರ್.ಒ.ಸಂಖ್ಯೆ/91
OWNER , PUBLISHER & PRINTER K. M. REKHA PUBLISHED AT HOSPET TIMES, APOORVA OFFSET PRINTERS , SACHIDANAND LANE , MAIN BAZAR , HOSAPETE , BALLARI & PRINTED AT APOORVA OFFSET PRINTERS ,
SACHIDANAND LANE , MAIN BAZAR , HOSAPETE , BALLARI , EDITOR K. M. REKHA. EMAIL : hospettimes@gmail.com, Mob No 94484 41484.
